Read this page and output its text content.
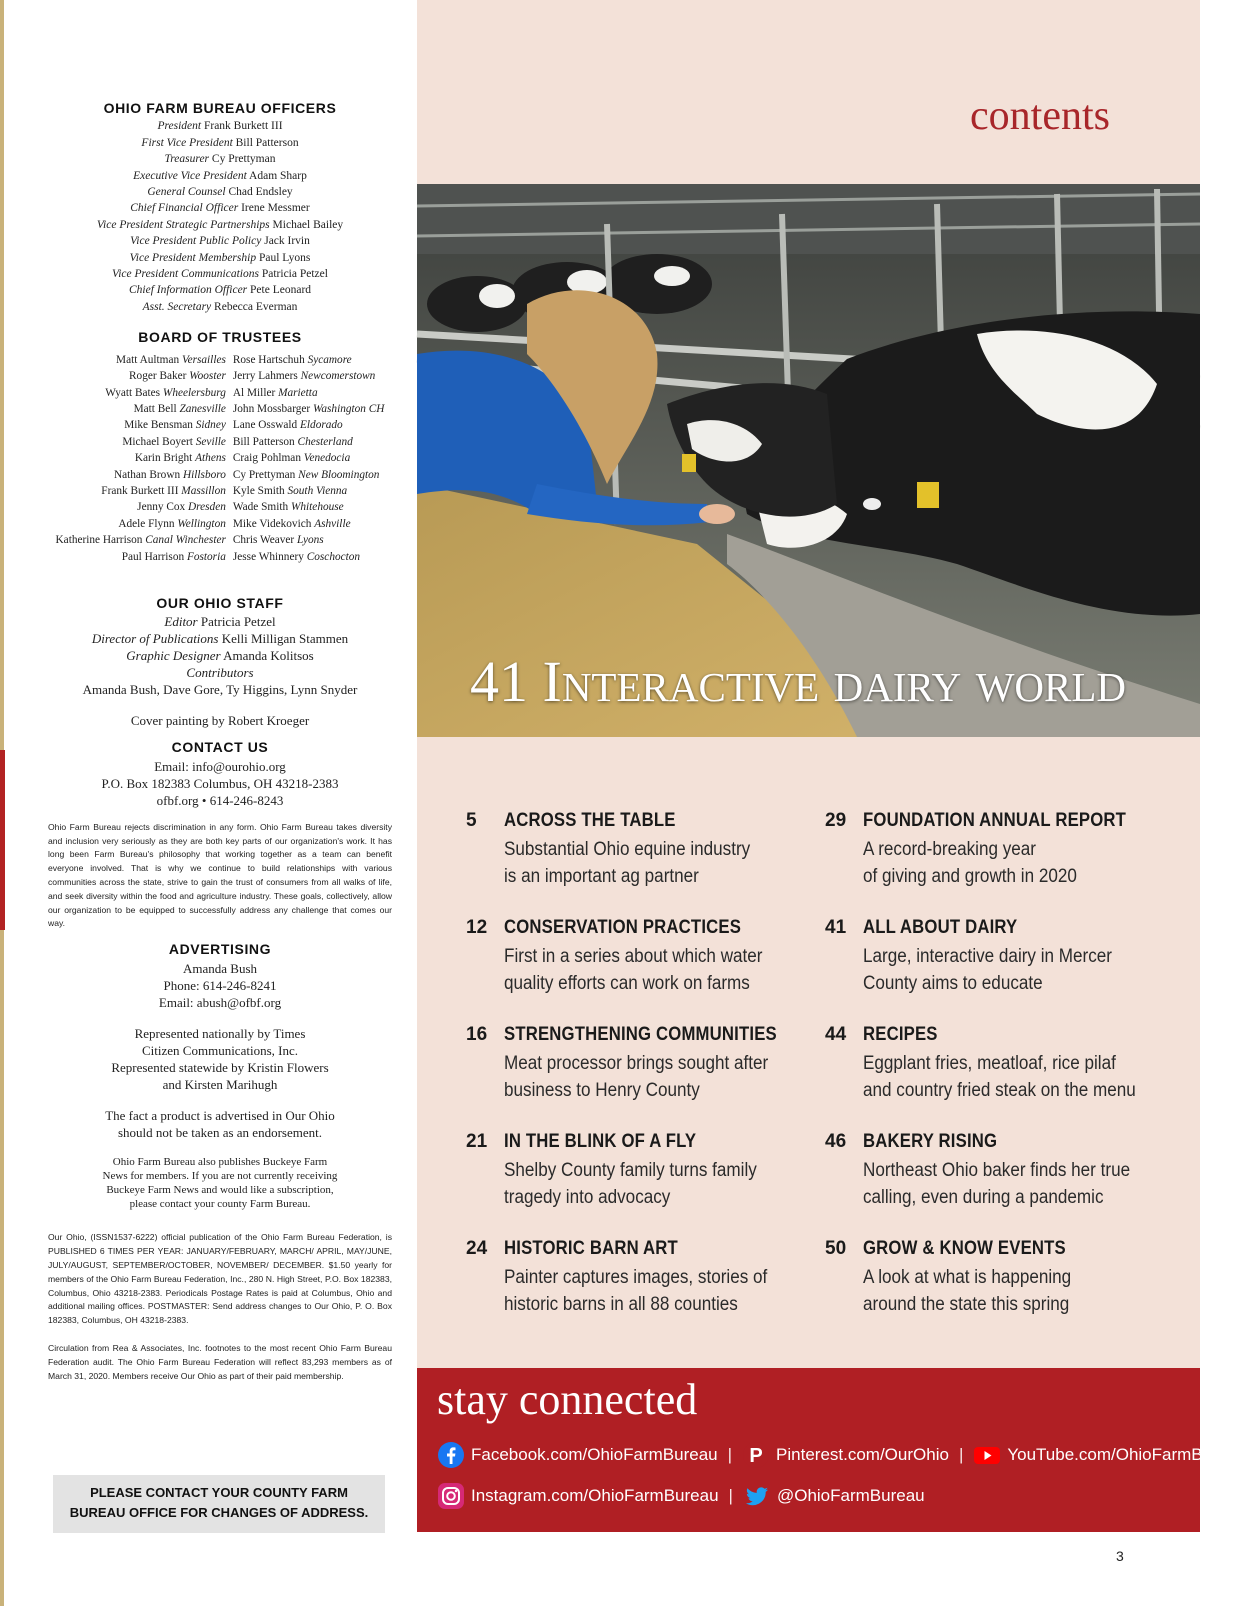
OHIO FARM BUREAU OFFICERS
President Frank Burkett III
First Vice President Bill Patterson
Treasurer Cy Prettyman
Executive Vice President Adam Sharp
General Counsel Chad Endsley
Chief Financial Officer Irene Messmer
Vice President Strategic Partnerships Michael Bailey
Vice President Public Policy Jack Irvin
Vice President Membership Paul Lyons
Vice President Communications Patricia Petzel
Chief Information Officer Pete Leonard
Asst. Secretary Rebecca Everman
BOARD OF TRUSTEES
Matt Aultman Versailles
Roger Baker Wooster
Wyatt Bates Wheelersburg
Matt Bell Zanesville
Mike Bensman Sidney
Michael Boyert Seville
Karin Bright Athens
Nathan Brown Hillsboro
Frank Burkett III Massillon
Jenny Cox Dresden
Adele Flynn Wellington
Katherine Harrison Canal Winchester
Paul Harrison Fostoria
Rose Hartschuh Sycamore
Jerry Lahmers Newcomerstown
Al Miller Marietta
John Mossbarger Washington CH
Lane Osswald Eldorado
Bill Patterson Chesterland
Craig Pohlman Venedocia
Cy Prettyman New Bloomington
Kyle Smith South Vienna
Wade Smith Whitehouse
Mike Videkovich Ashville
Chris Weaver Lyons
Jesse Whinnery Coschocton
OUR OHIO STAFF
Editor Patricia Petzel
Director of Publications Kelli Milligan Stammen
Graphic Designer Amanda Kolitsos
Contributors
Amanda Bush, Dave Gore, Ty Higgins, Lynn Snyder
Cover painting by Robert Kroeger
CONTACT US
Email: info@ourohio.org
P.O. Box 182383 Columbus, OH 43218-2383
ofbf.org • 614-246-8243
Ohio Farm Bureau rejects discrimination in any form. Ohio Farm Bureau takes diversity and inclusion very seriously as they are both key parts of our organization's work. It has long been Farm Bureau's philosophy that working together as a team can benefit everyone involved. That is why we continue to build relationships with various communities across the state, strive to gain the trust of consumers from all walks of life, and seek diversity within the food and agriculture industry. These goals, collectively, allow our organization to be equipped to successfully address any challenge that comes our way.
ADVERTISING
Amanda Bush
Phone: 614-246-8241
Email: abush@ofbf.org
Represented nationally by Times
Citizen Communications, Inc.
Represented statewide by Kristin Flowers
and Kirsten Marihugh
The fact a product is advertised in Our Ohio
should not be taken as an endorsement.
Ohio Farm Bureau also publishes Buckeye Farm
News for members. If you are not currently receiving
Buckeye Farm News and would like a subscription,
please contact your county Farm Bureau.
Our Ohio, (ISSN1537-6222) official publication of the Ohio Farm Bureau Federation, is PUBLISHED 6 TIMES PER YEAR: JANUARY/FEBRUARY, MARCH/ APRIL, MAY/JUNE, JULY/AUGUST, SEPTEMBER/OCTOBER, NOVEMBER/ DECEMBER. $1.50 yearly for members of the Ohio Farm Bureau Federation, Inc., 280 N. High Street, P.O. Box 182383, Columbus, Ohio 43218-2383. Periodicals Postage Rates is paid at Columbus, Ohio and additional mailing offices. POSTMASTER: Send address changes to Our Ohio, P. O. Box 182383, Columbus, OH 43218-2383.
Circulation from Rea & Associates, Inc. footnotes to the most recent Ohio Farm Bureau Federation audit. The Ohio Farm Bureau Federation will reflect 83,293 members as of March 31, 2020. Members receive Our Ohio as part of their paid membership.
PLEASE CONTACT YOUR COUNTY FARM
BUREAU OFFICE FOR CHANGES OF ADDRESS.
contents
41 Interactive dairy world
5 ACROSS THE TABLE
Substantial Ohio equine industry
is an important ag partner
12 CONSERVATION PRACTICES
First in a series about which water
quality efforts can work on farms
16 STRENGTHENING COMMUNITIES
Meat processor brings sought after
business to Henry County
21 IN THE BLINK OF A FLY
Shelby County family turns family
tragedy into advocacy
24 HISTORIC BARN ART
Painter captures images, stories of
historic barns in all 88 counties
29 FOUNDATION ANNUAL REPORT
A record-breaking year
of giving and growth in 2020
41 ALL ABOUT DAIRY
Large, interactive dairy in Mercer
County aims to educate
44 RECIPES
Eggplant fries, meatloaf, rice pilaf
and country fried steak on the menu
46 BAKERY RISING
Northeast Ohio baker finds her true
calling, even during a pandemic
50 GROW & KNOW EVENTS
A look at what is happening
around the state this spring
stay connected
Facebook.com/OhioFarmBureau | P Pinterest.com/OurOhio |	YouTube.com/OhioFarmBureau
Instagram.com/OhioFarmBureau |	@OhioFarmBureau
3
